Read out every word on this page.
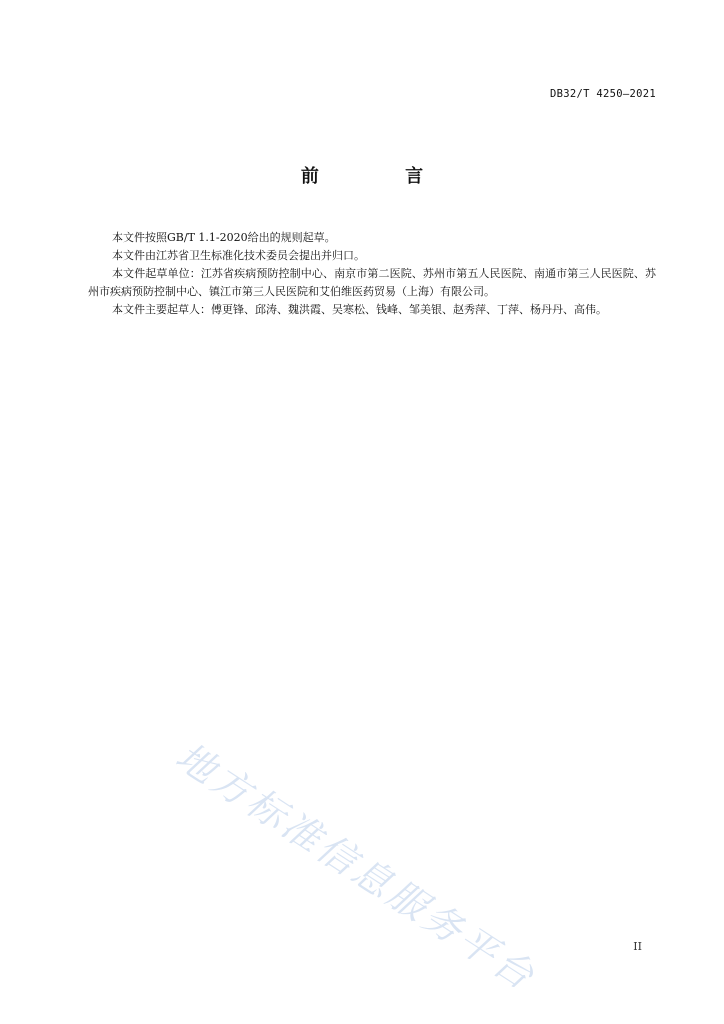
DB32/T 4250—2021
前 言

本文件按照GB/T 1.1-2020给出的规则起草。

本文件由江苏省卫生标准化技术委员会提出并归口。

本文件起草单位：江苏省疾病预防控制中心、南京市第二医院、苏州市第五人民医院、南通市第三人民医院、苏州市疾病预防控制中心、镇江市第三人民医院和艾伯维医药贸易（上海）有限公司。

本文件主要起草人：傅更锋、邱涛、魏洪霞、吴寒松、钱峰、邹美银、赵秀萍、丁萍、杨丹丹、高伟。

地方标准信息服务平台	II
